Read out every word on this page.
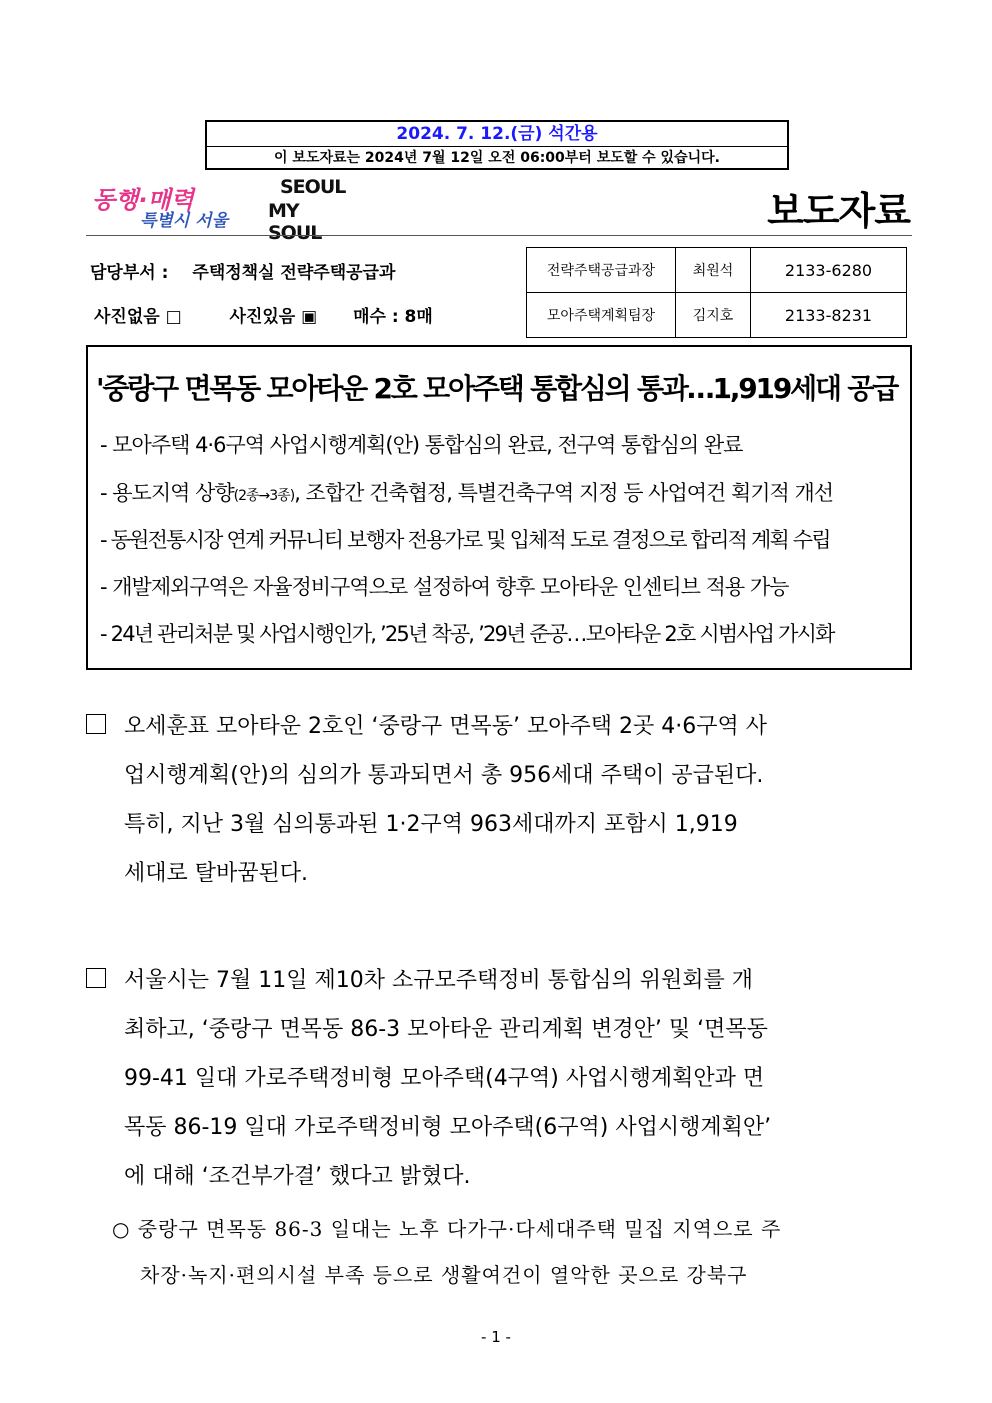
2024. 7. 12.(금) 석간용
이 보도자료는 2024년 7월 12일 오전 06:00부터 보도할 수 있습니다.
동행·매력
특별시 서울
SEOUL
MY SOUL	보도자료
담당부서 : 주택정책실 전략주택공급과
사진없음 □	사진있음 ▣ 매수 : 8매
전략주택공급과장	최원석	2133-6280
모아주택계획팀장	김지호	2133-8231
'중랑구 면목동 모아타운 2호 모아주택 통합심의 통과…1,919세대 공급
- 모아주택 4·6구역 사업시행계획(안) 통합심의 완료, 전구역 통합심의 완료
- 용도지역 상향(2종→3종), 조합간 건축협정, 특별건축구역 지정 등 사업여건 획기적 개선
- 동원전통시장 연계 커뮤니티 보행자 전용가로 및 입체적 도로 결정으로 합리적 계획 수립
- 개발제외구역은 자율정비구역으로 설정하여 향후 모아타운 인센티브 적용 가능
- 24년 관리처분 및 사업시행인가, ’25년 착공, ’29년 준공…모아타운 2호 시범사업 가시화
오세훈표 모아타운 2호인 ‘중랑구 면목동’ 모아주택 2곳 4·6구역 사
업시행계획(안)의 심의가 통과되면서 총 956세대 주택이 공급된다.
특히, 지난 3월 심의통과된 1·2구역 963세대까지 포함시 1,919
세대로 탈바꿈된다.
서울시는 7월 11일 제10차 소규모주택정비 통합심의 위원회를 개
최하고, ‘중랑구 면목동 86-3 모아타운 관리계획 변경안’ 및 ‘면목동
99-41 일대 가로주택정비형 모아주택(4구역) 사업시행계획안과 면
목동 86-19 일대 가로주택정비형 모아주택(6구역) 사업시행계획안’
에 대해 ‘조건부가결’ 했다고 밝혔다.
○ 중랑구 면목동 86-3 일대는 노후 다가구·다세대주택 밀집 지역으로 주
차장·녹지·편의시설 부족 등으로 생활여건이 열악한 곳으로 강북구
- 1 -
